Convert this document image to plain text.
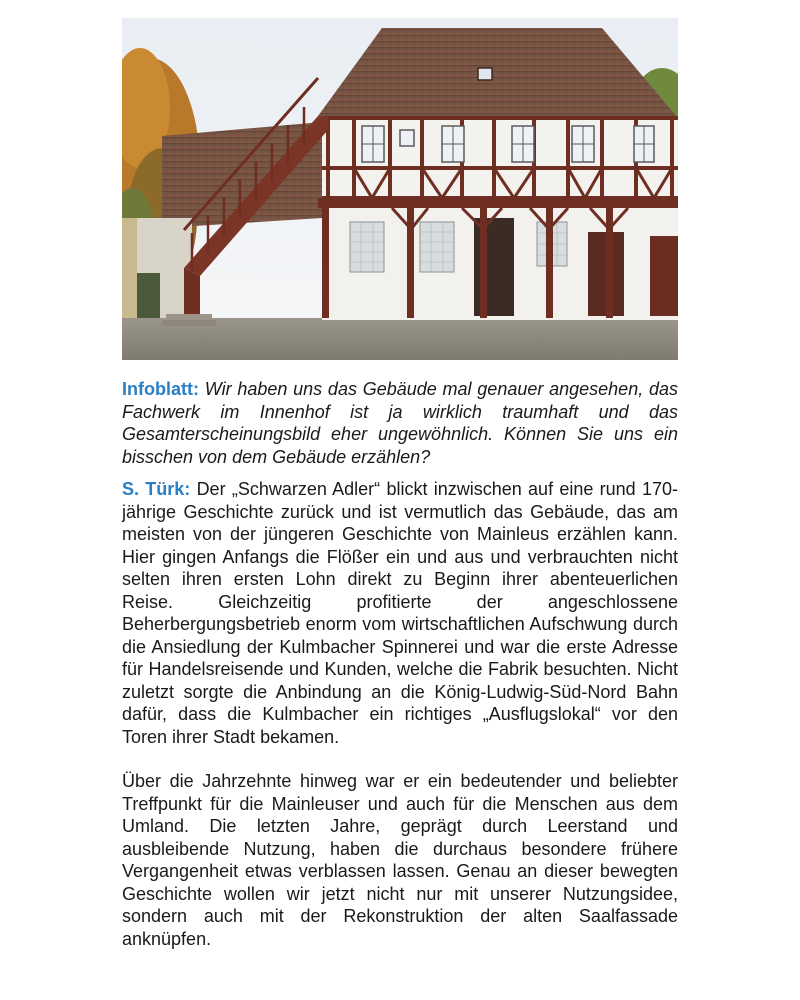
Infoblatt: Wir haben uns das Gebäude mal genauer angesehen, das Fachwerk im Innenhof ist ja wirklich traumhaft und das Gesamterscheinungsbild eher ungewöhnlich. Können Sie uns ein bisschen von dem Gebäude erzählen?

S. Türk: Der „Schwarzen Adler“ blickt inzwischen auf eine rund 170-jährige Geschichte zurück und ist vermutlich das Gebäude, das am meisten von der jüngeren Geschichte von Mainleus erzählen kann. Hier gingen Anfangs die Flößer ein und aus und verbrauchten nicht selten ihren ersten Lohn direkt zu Beginn ihrer abenteuerlichen Reise. Gleichzeitig profitierte der angeschlossene Beherbergungsbetrieb enorm vom wirtschaftlichen Aufschwung durch die Ansiedlung der Kulmbacher Spinnerei und war die erste Adresse für Handelsreisende und Kunden, welche die Fabrik besuchten. Nicht zuletzt sorgte die Anbindung an die König-Ludwig-Süd-Nord Bahn dafür, dass die Kulmbacher ein richtiges „Ausflugslokal“ vor den Toren ihrer Stadt bekamen.

Über die Jahrzehnte hinweg war er ein bedeutender und beliebter Treffpunkt für die Mainleuser und auch für die Menschen aus dem Umland. Die letzten Jahre, geprägt durch Leerstand und ausbleibende Nutzung, haben die durchaus besondere frühere Vergangenheit etwas verblassen lassen. Genau an dieser bewegten Geschichte wollen wir jetzt nicht nur mit unserer Nutzungsidee, sondern auch mit der Rekonstruktion der alten Saalfassade anknüpfen.
